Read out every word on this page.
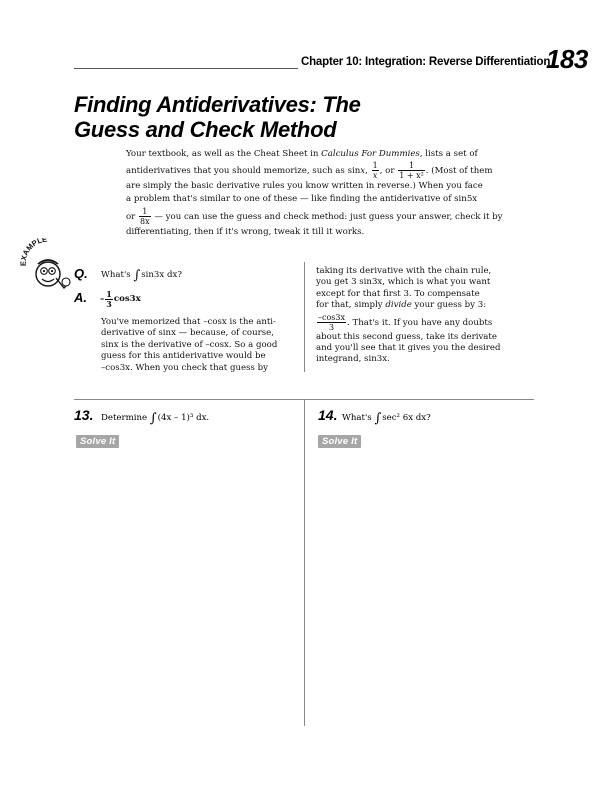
Chapter 10: Integration: Reverse Differentiation
183
Finding Antiderivatives: The
Guess and Check Method

Your textbook, as well as the Cheat Sheet in Calculus For Dummies, lists a set of

antiderivatives that you should memorize, such as sinx, $\frac{1}{x}$ , or $\frac{1}{\text{1 + x²}}$ . (Most of them

are simply the basic derivative rules you know written in reverse.) When you face

a problem that's similar to one of these — like finding the antiderivative of sin5x

or $\frac{1}{8x}$ — you can use the guess and check method: just guess your answer, check it by

differentiating, then if it's wrong, tweak it till it works.

AMPLE
Q. What's ∫sin3x dx?
A. – $\frac{1}{3} \cos 3x$
You've memorized that –cosx is the anti-
derivative of sinx — because, of course,
sinx is the derivative of –cosx. So a good
guess for this antiderivative would be
–cos3x. When you check that guess by
taking its derivative with the chain rule,
you get 3 sin3x, which is what you want
except for that first 3. To compensate
for that, simply divide your guess by 3:
$\frac{-\cos 3x}{3}$ . That's it. If you have any doubts
about this second guess, take its derivate
and you'll see that it gives you the desired
integrand, sin3x.
13. Determine ∫(4x – 1)³ dx.
Solve It
14. What's ∫sec² 6x dx?
Solve It
